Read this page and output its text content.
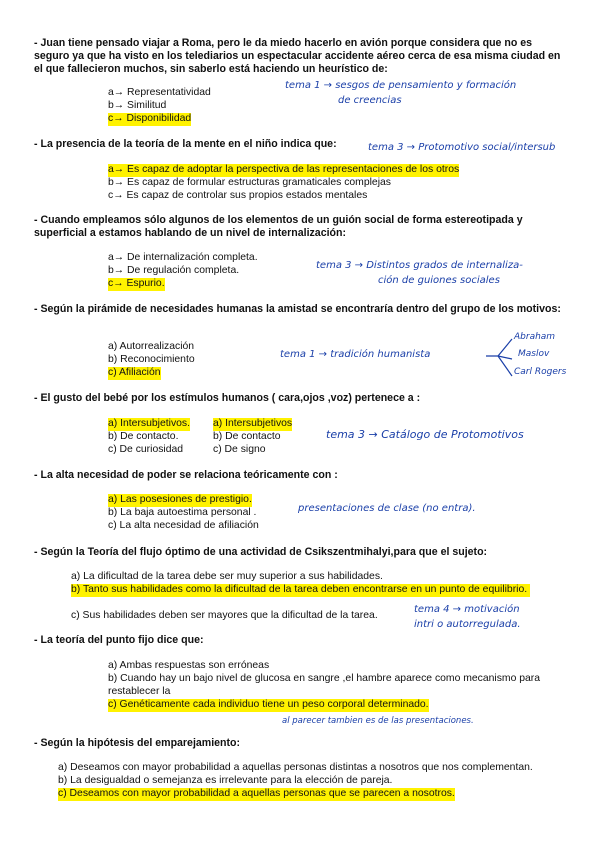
- Juan tiene pensado viajar a Roma, pero le da miedo hacerlo en avión porque considera que no es seguro ya que ha visto en los telediarios un espectacular accidente aéreo cerca de esa misma ciudad en el que fallecieron muchos, sin saberlo está haciendo un heurístico de:
a→ Representatividad
b→ Similitud
c→ Disponibilidad
tema 1 → sesgos de pensamiento y formación
de creencias
- La presencia de la teoría de la mente en el niño indica que:
a→ Es capaz de adoptar la perspectiva de las representaciones de los otros
b→ Es capaz de formular estructuras gramaticales complejas
c→ Es capaz de controlar sus propios estados mentales
tema 3 → Protomotivo social/intersub
- Cuando empleamos sólo algunos de los elementos de un guión social de forma estereotipada y superficial a estamos hablando de un nivel de internalización:
a→ De internalización completa.
b→ De regulación completa.
c→ Espurio.
tema 3 → Distintos grados de internaliza-
ción de guiones sociales
- Según la pirámide de necesidades humanas la amistad se encontraría dentro del grupo de los motivos:
a) Autorrealización
b) Reconocimiento
c) Afiliación
tema 1 → tradición humanista
Abraham
Maslov
Carl Rogers
- El gusto del bebé por los estímulos humanos ( cara,ojos ,voz) pertenece a :
a) Intersubjetivos.
b) De contacto.
c) De curiosidad
a) Intersubjetivos
b) De contacto
c) De signo
tema 3 → Catálogo de Protomotivos
- La alta necesidad de poder se relaciona teóricamente con :
a) Las posesiones de prestigio.
b) La baja autoestima personal .
c) La alta necesidad de afiliación
presentaciones de clase (no entra).
- Según la Teoría del flujo óptimo de una actividad de Csikszentmihalyi,para que el sujeto:
a) La dificultad de la tarea debe ser muy superior a sus habilidades.
b) Tanto sus habilidades como la dificultad de la tarea deben encontrarse en un punto de equilibrio.
c) Sus habilidades deben ser mayores que la dificultad de la tarea.
tema 4 → motivación
intri o autorregulada.
- La teoría del punto fijo dice que:
a) Ambas respuestas son erróneas
b) Cuando hay un bajo nivel de glucosa en sangre ,el hambre aparece como mecanismo para restablecer la
c) Genéticamente cada individuo tiene un peso corporal determinado.
al parecer tambien es de las presentaciones.
- Según la hipótesis del emparejamiento:
a) Deseamos con mayor probabilidad a aquellas personas distintas a nosotros que nos complementan.
b) La desigualdad o semejanza es irrelevante para la elección de pareja.
c) Deseamos con mayor probabilidad a aquellas personas que se parecen a nosotros.
